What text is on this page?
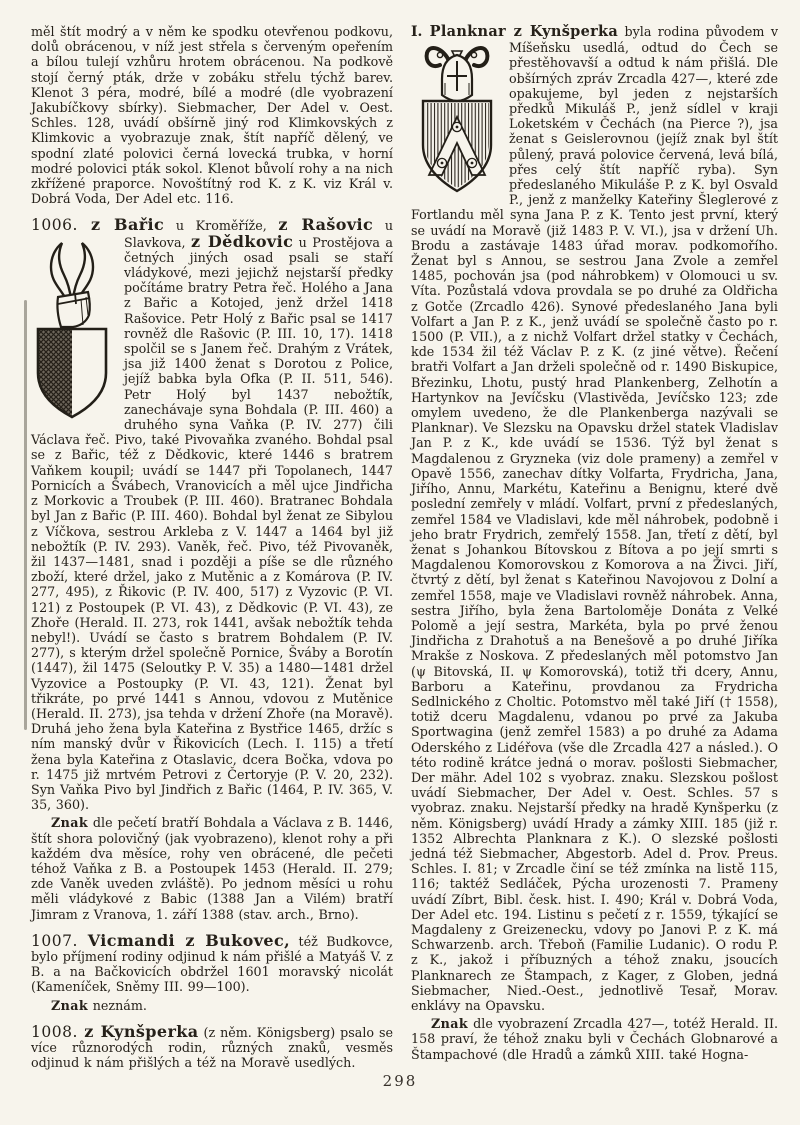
měl štít modrý a v něm ke spodku otevřenou podkovu, dolů obrácenou, v níž jest střela s červeným opeřením a bílou tulejí vzhůru hrotem obrácenou. Na podkově stojí černý pták, drže v zobáku střelu týchž barev. Klenot 3 péra, modré, bílé a modré (dle vyobrazení Jakubíčkovy sbírky). Siebmacher, Der Adel v. Oest. Schles. 128, uvádí obšírně jiný rod Klimkovských z Klimkovic a vyobrazuje znak, štít napříč dělený, ve spodní zlaté polovici černá lovecká trubka, v horní modré polovici pták sokol. Klenot bůvolí rohy a na nich zkřížené praporce. Novoštítný rod K. z K. viz Král v. Dobrá Voda, Der Adel etc. 116.

1006. z Bařic u Kroměříže, z Rašovic u Slavkova,
z Dědkovic u Prostějova a četných jiných osad psali se staří vládykové, mezi jejichž nejstarší předky počítáme bratry Petra řeč. Holého a Jana z Bařic a Kotojed, jenž držel 1418 Rašovice. Petr Holý z Bařic psal se 1417 rovněž dle Rašovic (P. III. 10, 17). 1418 spolčil se s Janem řeč. Drahým z Vrátek, jsa již 1400 ženat s Dorotou z Police, jejíž babka byla Ofka (P. II. 511, 546). Petr Holý byl 1437 nebožtík, zanechávaje syna Bohdala (P. III. 460) a druhého syna Vaňka (P. IV. 277) čili Václava řeč. Pivo, také Pivovaňka zvaného. Bohdal psal se z Bařic, též z Dědkovic, které 1446 s bratrem Vaňkem koupil; uvádí se 1447 při Topolanech, 1447 Pornicích a Švábech, Vranovicích a měl ujce Jindřicha z Morkovic a Troubek (P. III. 460). Bratranec Bohdala byl Jan z Bařic (P. III. 460). Bohdal byl ženat ze Sibylou z Víčkova, sestrou Arkleba z V. 1447 a 1464 byl již nebožtík (P. IV. 293). Vaněk, řeč. Pivo, též Pivovaněk, žil 1437—1481, snad i později a píše se dle různého zboží, které držel, jako z Mutěnic a z Komárova (P. IV. 277, 495), z Řikovic (P. IV. 400, 517) z Vyzovic (P. VI. 121) z Postoupek (P. VI. 43), z Dědkovic (P. VI. 43), ze Zhoře (Herald. II. 273, rok 1441, avšak nebožtík tehda nebyl!). Uvádí se často s bratrem Bohdalem (P. IV. 277), s kterým držel společně Pornice, Šváby a Borotín (1447), žil 1475 (Seloutky P. V. 35) a 1480—1481 držel Vyzovice a Postoupky (P. VI. 43, 121). Ženat byl třikráte, po prvé 1441 s Annou, vdovou z Mutěnice (Herald. II. 273), jsa tehda v držení Zhoře (na Moravě). Druhá jeho žena byla Kateřina z Bystřice 1465, držíc s ním manský dvůr v Řikovicích (Lech. I. 115) a třetí žena byla Kateřina z Otaslavic, dcera Bočka, vdova po r. 1475 již mrtvém Petrovi z Čertoryje (P. V. 20, 232). Syn Vaňka Pivo byl Jindřich z Bařic (1464, P. IV. 365, V. 35, 360).

Znak dle pečetí bratří Bohdala a Václava z B. 1446, štít shora polovičný (jak vyobrazeno), klenot rohy a při každém dva měsíce, rohy ven obrácené, dle pečeti téhož Vaňka z B. a Postoupek 1453 (Herald. II. 279; zde Vaněk uveden zvláště). Po jednom měsíci u rohu měli vládykové z Babic (1388 Jan a Vilém) bratří Jimram z Vranova, 1. září 1388 (stav. arch., Brno).

1007. Vicmandi z Bukovec, též Budkovce, bylo příjmení rodiny odjinud k nám přišlé a Matyáš V. z B. a na Bačkovicích obdržel 1601 moravský nicolát (Kameníček, Sněmy III. 99—100).

Znak neznám.

1008. z Kynšperka (z něm. Königsberg) psalo se více různorodých rodin, různých znaků, vesměs odjinud k nám přišlých a též na Moravě usedlých.

I. Planknar z Kynšperka byla rodina původem
v Míšeňsku usedlá, odtud do Čech se přestěhovavší a odtud k nám přišlá. Dle obšírných zpráv Zrcadla 427—, které zde opakujeme, byl jeden z nejstarších předků Mikuláš P., jenž sídlel v kraji Loketském v Čechách (na Pierce ?), jsa ženat s Geislerovnou (jejíž znak byl štít půlený, pravá polovice červená, levá bílá, přes celý štít napříč ryba). Syn předeslaného Mikuláše P. z K. byl Osvald P., jenž z manželky Kateřiny Šleglerové z Fortlandu měl syna Jana P. z K. Tento jest první, který se uvádí na Moravě (již 1483 P. V. VI.), jsa v držení Uh. Brodu a zastávaje 1483 úřad morav. podkomořího. Ženat byl s Annou, se sestrou Jana Zvole a zemřel 1485, pochován jsa (pod náhrobkem) v Olomouci u sv. Víta. Pozůstalá vdova provdala se po druhé za Oldřicha z Gotče (Zrcadlo 426). Synové předeslaného Jana byli Volfart a Jan P. z K., jenž uvádí se společně často po r. 1500 (P. VII.), a z nichž Volfart držel statky v Čechách, kde 1534 žil též Václav P. z K. (z jiné větve). Řečení bratři Volfart a Jan drželi společně od r. 1490 Biskupice, Březinku, Lhotu, pustý hrad Plankenberg, Zelhotín a Hartynkov na Jevíčsku (Vlastivěda, Jevíčsko 123; zde omylem uvedeno, že dle Plankenberga nazývali se Planknar). Ve Slezsku na Opavsku držel statek Vladislav Jan P. z K., kde uvádí se 1536. Týž byl ženat s Magdalenou z Gryzneka (viz dole prameny) a zemřel v Opavě 1556, zanechav dítky Volfarta, Frydricha, Jana, Jiřího, Annu, Markétu, Kateřinu a Benignu, které dvě poslední zemřely v mládí. Volfart, první z předeslaných, zemřel 1584 ve Vladislavi, kde měl náhrobek, podobně i jeho bratr Frydrich, zemřelý 1558. Jan, třetí z dětí, byl ženat s Johankou Bítovskou z Bítova a po její smrti s Magdalenou Komorovskou z Komorova a na Živci. Jiří, čtvrtý z dětí, byl ženat s Kateřinou Navojovou z Dolní a zemřel 1558, maje ve Vladislavi rovněž náhrobek. Anna, sestra Jiřího, byla žena Bartoloměje Donáta z Velké Polomě a její sestra, Markéta, byla po prvé ženou Jindřicha z Drahotuš a na Benešově a po druhé Jiříka Mrakše z Noskova. Z předeslaných měl potomstvo Jan (ψ Bitovská, II. ψ Komorovská), totiž tři dcery, Annu, Barboru a Kateřinu, provdanou za Frydricha Sedlnického z Choltic. Potomstvo měl také Jiří († 1558), totiž dceru Magdalenu, vdanou po prvé za Jakuba Sportwagina (jenž zemřel 1583) a po druhé za Adama Oderského z Lidéřova (vše dle Zrcadla 427 a násled.). O této rodině krátce jedná o morav. pošlosti Siebmacher, Der mähr. Adel 102 s vyobraz. znaku. Slezskou pošlost uvádí Siebmacher, Der Adel v. Oest. Schles. 57 s vyobraz. znaku. Nejstarší předky na hradě Kynšperku (z něm. Königsberg) uvádí Hrady a zámky XIII. 185 (již r. 1352 Albrechta Planknara z K.). O slezské pošlosti jedná též Siebmacher, Abgestorb. Adel d. Prov. Preus. Schles. I. 81; v Zrcadle činí se též zmínka na listě 115, 116; taktéž Sedláček, Pýcha urozenosti 7. Prameny uvádí Zíbrt, Bibl. česk. hist. I. 490; Král v. Dobrá Voda, Der Adel etc. 194. Listinu s pečetí z r. 1559, týkající se Magdaleny z Greizenecku, vdovy po Janovi P. z K. má Schwarzenb. arch. Třeboň (Familie Ludanic). O rodu P. z K., jakož i příbuzných a téhož znaku, jsoucích Planknarech ze Štampach, z Kager, z Globen, jedná Siebmacher, Nied.-Oest., jednotlivě Tesař, Morav. enklávy na Opavsku.

Znak dle vyobrazení Zrcadla 427—, totéž Herald. II. 158 praví, že téhož znaku byli v Čechách Globnarové a Štampachové (dle Hradů a zámků XIII. také Hogna-

298
